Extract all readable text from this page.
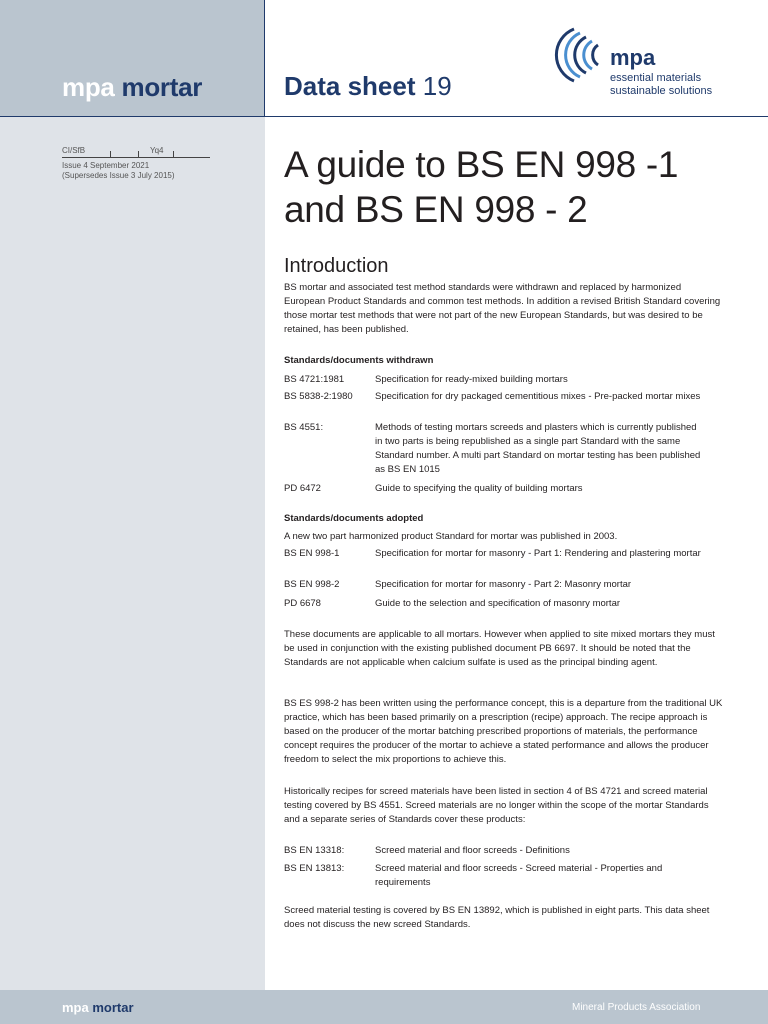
mpa mortar	Data sheet 19
mpa
essential materials
sustainable solutions
CI/SfB	Yq4
Issue 4 September 2021
(Supersedes Issue 3 July 2015)	A guide to BS EN 998 -1
and BS EN 998 - 2
Introduction

BS mortar and associated test method standards were withdrawn and replaced by harmonized European Product Standards and common test methods. In addition a revised British Standard covering those mortar test methods that were not part of the new European Standards, but was desired to be retained, has been published.

Standards/documents withdrawn
BS 4721:1981	Specification for ready-mixed building mortars
BS 5838-2:1980	Specification for dry packaged cementitious mixes - Pre-packed mortar mixes
BS 4551:	Methods of testing mortars screeds and plasters which is currently published in two parts is being republished as a single part Standard with the same Standard number. A multi part Standard on mortar testing has been published as BS EN 1015
PD 6472	Guide to specifying the quality of building mortars
Standards/documents adopted

A new two part harmonized product Standard for mortar was published in 2003.

BS EN 998-1	Specification for mortar for masonry - Part 1: Rendering and plastering mortar
BS EN 998-2	Specification for mortar for masonry - Part 2: Masonry mortar
PD 6678	Guide to the selection and specification of masonry mortar

These documents are applicable to all mortars. However when applied to site mixed mortars they must be used in conjunction with the existing published document PB 6697. It should be noted that the Standards are not applicable when calcium sulfate is used as the principal binding agent.

BS ES 998-2 has been written using the performance concept, this is a departure from the traditional UK practice, which has been based primarily on a prescription (recipe) approach. The recipe approach is based on the producer of the mortar batching prescribed proportions of materials, the performance concept requires the producer of the mortar to achieve a stated performance and allows the producer freedom to select the mix proportions to achieve this.

Historically recipes for screed materials have been listed in section 4 of BS 4721 and screed material testing covered by BS 4551. Screed materials are no longer within the scope of the mortar Standards and a separate series of Standards cover these products:

BS EN 13318:	Screed material and floor screeds - Definitions
BS EN 13813:	Screed material and floor screeds - Screed material - Properties and requirements

Screed material testing is covered by BS EN 13892, which is published in eight parts. This data sheet does not discuss the new screed Standards.

mpa mortar	Mineral Products Association
